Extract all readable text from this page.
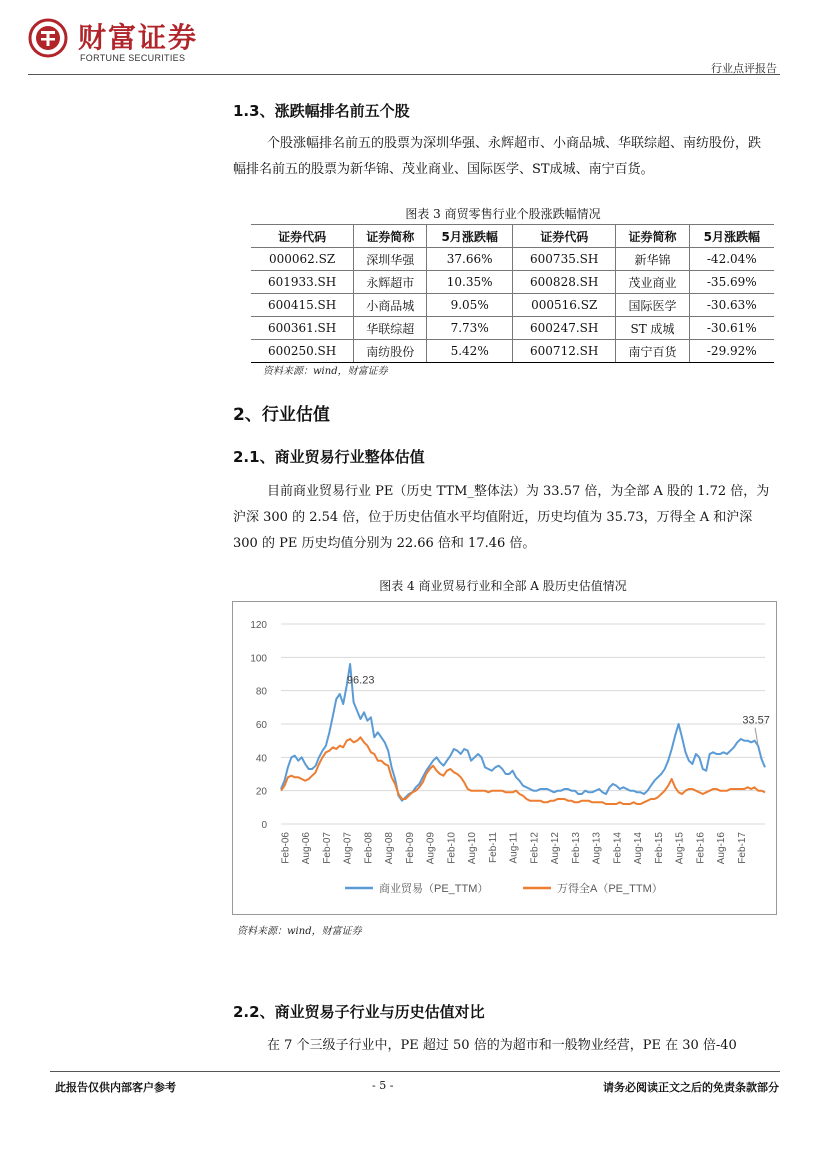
财富证券
FORTUNE SECURITIES
行业点评报告
1.3、涨跌幅排名前五个股
个股涨幅排名前五的股票为深圳华强、永辉超市、小商品城、华联综超、南纺股份，跌幅排名前五的股票为新华锦、茂业商业、国际医学、ST成城、南宁百货。
图表 3 商贸零售行业个股涨跌幅情况
证券代码	证券简称	5月涨跌幅	证券代码	证券简称	5月涨跌幅
000062.SZ	深圳华强	37.66%	600735.SH	新华锦	-42.04%
601933.SH	永辉超市	10.35%	600828.SH	茂业商业	-35.69%
600415.SH	小商品城	9.05%	000516.SZ	国际医学	-30.63%
600361.SH	华联综超	7.73%	600247.SH	ST 成城	-30.61%
600250.SH	南纺股份	5.42%	600712.SH	南宁百货	-29.92%
资料来源：wind，财富证券
2、行业估值
2.1、商业贸易行业整体估值
目前商业贸易行业 PE（历史 TTM_整体法）为 33.57 倍，为全部 A 股的 1.72 倍，为沪深 300 的 2.54 倍，位于历史估值水平均值附近，历史均值为 35.73，万得全 A 和沪深 300 的 PE 历史均值分别为 22.66 倍和 17.46 倍。
图表 4 商业贸易行业和全部 A 股历史估值情况
0
20
40
60
80
100
120
Feb-06 Aug-06 Feb-07 Aug-07 Feb-08 Aug-08 Feb-09 Aug-09 Feb-10 Aug-10 Feb-11 Aug-11 Feb-12 Aug-12 Feb-13 Aug-13 Feb-14 Aug-14 Feb-15 Aug-15 Feb-16 Aug-16 Feb-17
96.23
33.57
商业贸易（PE_TTM）	万得全A（PE_TTM）
资料来源：wind，财富证券
2.2、商业贸易子行业与历史估值对比
在 7 个三级子行业中，PE 超过 50 倍的为超市和一般物业经营，PE 在 30 倍-40
此报告仅供内部客户参考	- 5 -	请务必阅读正文之后的免责条款部分
